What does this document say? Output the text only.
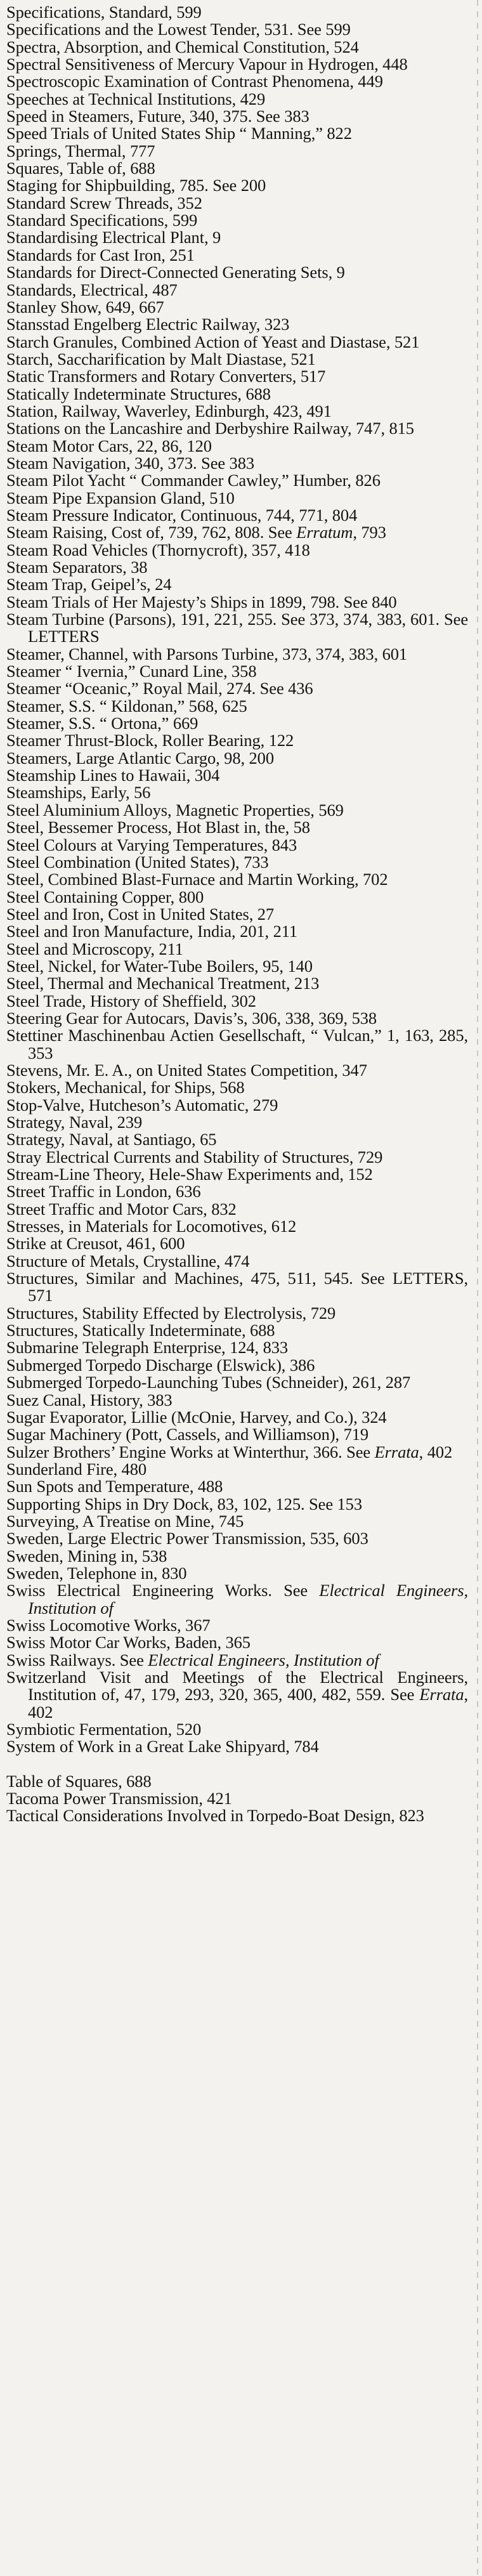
Specifications, Standard, 599

Specifications and the Lowest Tender, 531. See 599

Spectra, Absorption, and Chemical Constitution, 524

Spectral Sensitiveness of Mercury Vapour in Hydrogen, 448

Spectroscopic Examination of Contrast Phenomena, 449

Speeches at Technical Institutions, 429

Speed in Steamers, Future, 340, 375. See 383

Speed Trials of United States Ship “ Manning,” 822

Springs, Thermal, 777

Squares, Table of, 688

Staging for Shipbuilding, 785. See 200

Standard Screw Threads, 352

Standard Specifications, 599

Standardising Electrical Plant, 9

Standards for Cast Iron, 251

Standards for Direct-Connected Generating Sets, 9

Standards, Electrical, 487

Stanley Show, 649, 667

Stansstad Engelberg Electric Railway, 323

Starch Granules, Combined Action of Yeast and Diastase, 521

Starch, Saccharification by Malt Diastase, 521

Static Transformers and Rotary Converters, 517

Statically Indeterminate Structures, 688

Station, Railway, Waverley, Edinburgh, 423, 491

Stations on the Lancashire and Derbyshire Railway, 747, 815

Steam Motor Cars, 22, 86, 120

Steam Navigation, 340, 373. See 383

Steam Pilot Yacht “ Commander Cawley,” Humber, 826

Steam Pipe Expansion Gland, 510

Steam Pressure Indicator, Continuous, 744, 771, 804

Steam Raising, Cost of, 739, 762, 808. See Erratum, 793

Steam Road Vehicles (Thornycroft), 357, 418

Steam Separators, 38

Steam Trap, Geipel’s, 24

Steam Trials of Her Majesty’s Ships in 1899, 798. See 840

Steam Turbine (Parsons), 191, 221, 255. See 373, 374, 383, 601. See LETTERS

Steamer, Channel, with Parsons Turbine, 373, 374, 383, 601

Steamer “ Ivernia,” Cunard Line, 358

Steamer “Oceanic,” Royal Mail, 274. See 436

Steamer, S.S. “ Kildonan,” 568, 625

Steamer, S.S. “ Ortona,” 669

Steamer Thrust-Block, Roller Bearing, 122

Steamers, Large Atlantic Cargo, 98, 200

Steamship Lines to Hawaii, 304

Steamships, Early, 56

Steel Aluminium Alloys, Magnetic Properties, 569

Steel, Bessemer Process, Hot Blast in, the, 58

Steel Colours at Varying Temperatures, 843

Steel Combination (United States), 733

Steel, Combined Blast-Furnace and Martin Working, 702

Steel Containing Copper, 800

Steel and Iron, Cost in United States, 27

Steel and Iron Manufacture, India, 201, 211

Steel and Microscopy, 211

Steel, Nickel, for Water-Tube Boilers, 95, 140

Steel, Thermal and Mechanical Treatment, 213

Steel Trade, History of Sheffield, 302

Steering Gear for Autocars, Davis’s, 306, 338, 369, 538

Stettiner Maschinenbau Actien Gesellschaft, “ Vulcan,” 1, 163, 285, 353

Stevens, Mr. E. A., on United States Competition, 347

Stokers, Mechanical, for Ships, 568

Stop-Valve, Hutcheson’s Automatic, 279

Strategy, Naval, 239

Strategy, Naval, at Santiago, 65

Stray Electrical Currents and Stability of Structures, 729

Stream-Line Theory, Hele-Shaw Experiments and, 152

Street Traffic in London, 636

Street Traffic and Motor Cars, 832

Stresses, in Materials for Locomotives, 612

Strike at Creusot, 461, 600

Structure of Metals, Crystalline, 474

Structures, Similar and Machines, 475, 511, 545. See LETTERS, 571

Structures, Stability Effected by Electrolysis, 729

Structures, Statically Indeterminate, 688

Submarine Telegraph Enterprise, 124, 833

Submerged Torpedo Discharge (Elswick), 386

Submerged Torpedo-Launching Tubes (Schneider), 261, 287

Suez Canal, History, 383

Sugar Evaporator, Lillie (McOnie, Harvey, and Co.), 324

Sugar Machinery (Pott, Cassels, and Williamson), 719

Sulzer Brothers’ Engine Works at Winterthur, 366. See Errata, 402

Sunderland Fire, 480

Sun Spots and Temperature, 488

Supporting Ships in Dry Dock, 83, 102, 125. See 153

Surveying, A Treatise on Mine, 745

Sweden, Large Electric Power Transmission, 535, 603

Sweden, Mining in, 538

Sweden, Telephone in, 830

Swiss Electrical Engineering Works. See Electrical Engineers, Institution of

Swiss Locomotive Works, 367

Swiss Motor Car Works, Baden, 365

Swiss Railways. See Electrical Engineers, Institution of

Switzerland Visit and Meetings of the Electrical Engineers, Institution of, 47, 179, 293, 320, 365, 400, 482, 559. See Errata, 402

Symbiotic Fermentation, 520

System of Work in a Great Lake Shipyard, 784

Table of Squares, 688

Tacoma Power Transmission, 421

Tactical Considerations Involved in Torpedo-Boat Design, 823
